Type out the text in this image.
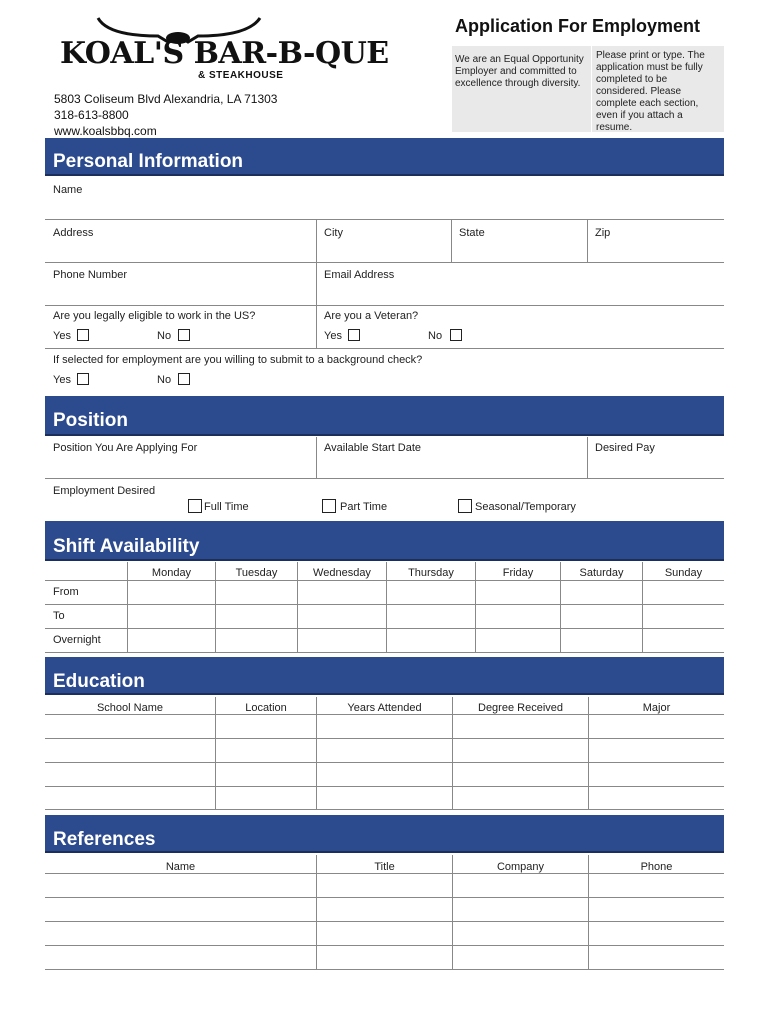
KOAL'S BAR-B-QUE
& STEAKHOUSE
5803 Coliseum Blvd Alexandria, LA 71303
318-613-8800
www.koalsbbq.com
Application For Employment
We are an Equal Opportunity Employer and committed to excellence through diversity.
Please print or type. The application must be fully completed to be considered. Please complete each section, even if you attach a resume.
Personal Information
Name
Address	City	State	Zip
Phone Number	Email Address
Are you legally eligible to work in the US?
Yes	No
Are you a Veteran?
Yes	No
If selected for employment are you willing to submit to a background check?
Yes	No
Position
Position You Are Applying For	Available Start Date	Desired Pay
Employment Desired
Full Time	Part Time	Seasonal/Temporary
Shift Availability
Monday	Tuesday	Wednesday	Thursday	Friday	Saturday	Sunday
From
To
Overnight
Education
School Name	Location	Years Attended	Degree Received	Major
References
Name	Title	Company	Phone
